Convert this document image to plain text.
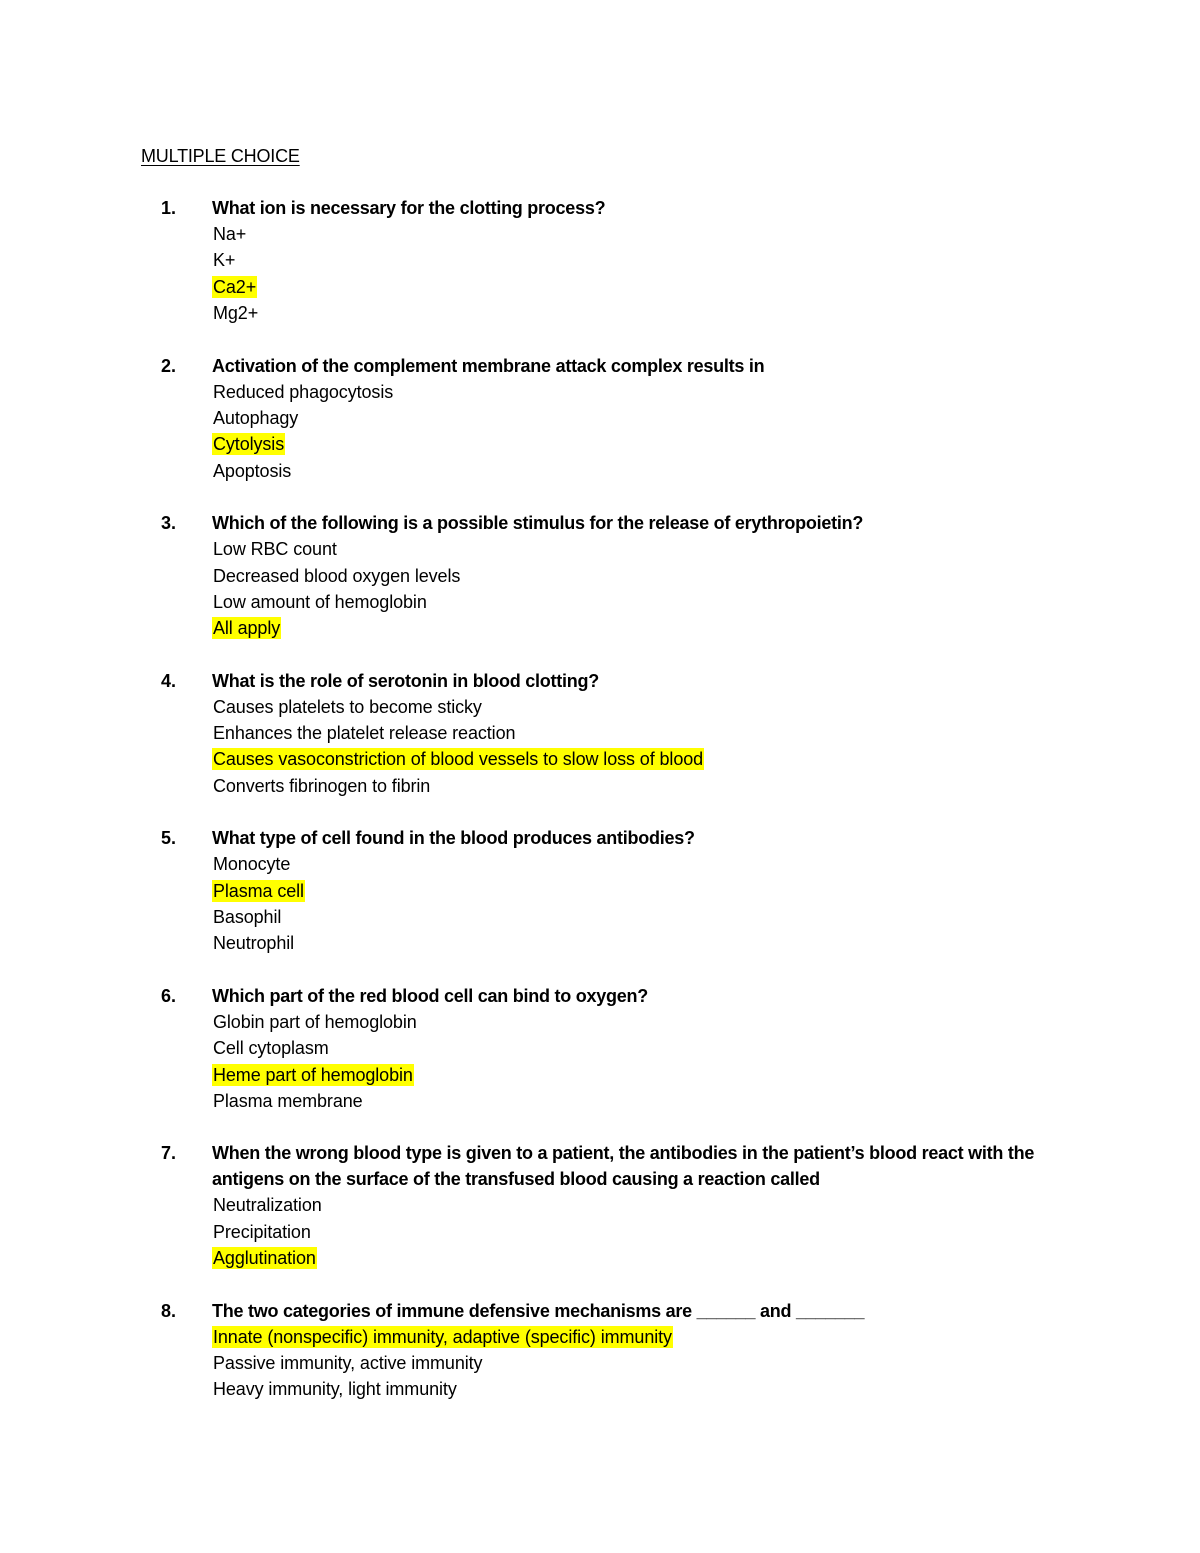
MULTIPLE CHOICE
1. What ion is necessary for the clotting process?
Na+
K+
Ca2+
Mg2+
2. Activation of the complement membrane attack complex results in
Reduced phagocytosis
Autophagy
Cytolysis
Apoptosis
3. Which of the following is a possible stimulus for the release of erythropoietin?
Low RBC count
Decreased blood oxygen levels
Low amount of hemoglobin
All apply
4. What is the role of serotonin in blood clotting?
Causes platelets to become sticky
Enhances the platelet release reaction
Causes vasoconstriction of blood vessels to slow loss of blood
Converts fibrinogen to fibrin
5. What type of cell found in the blood produces antibodies?
Monocyte
Plasma cell
Basophil
Neutrophil
6. Which part of the red blood cell can bind to oxygen?
Globin part of hemoglobin
Cell cytoplasm
Heme part of hemoglobin
Plasma membrane
7. When the wrong blood type is given to a patient, the antibodies in the patient’s blood react with the antigens on the surface of the transfused blood causing a reaction called
Neutralization
Precipitation
Agglutination
8. The two categories of immune defensive mechanisms are ______ and _______
Innate (nonspecific) immunity, adaptive (specific) immunity
Passive immunity, active immunity
Heavy immunity, light immunity
